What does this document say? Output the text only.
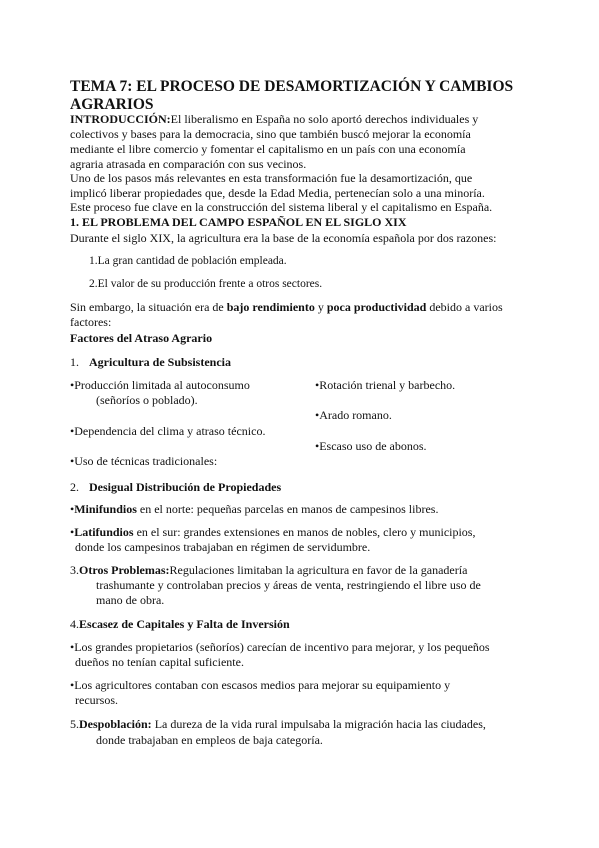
TEMA 7: EL PROCESO DE DESAMORTIZACIÓN Y CAMBIOS
AGRARIOS
INTRODUCCIÓN:El liberalismo en España no solo aportó derechos individuales y
colectivos y bases para la democracia, sino que también buscó mejorar la economía
mediante el libre comercio y fomentar el capitalismo en un país con una economía
agraria atrasada en comparación con sus vecinos.
Uno de los pasos más relevantes en esta transformación fue la desamortización, que
implicó liberar propiedades que, desde la Edad Media, pertenecían solo a una minoría.
Este proceso fue clave en la construcción del sistema liberal y el capitalismo en España.
1. EL PROBLEMA DEL CAMPO ESPAÑOL EN EL SIGLO XIX
Durante el siglo XIX, la agricultura era la base de la economía española por dos razones:
1.La gran cantidad de población empleada.
2.El valor de su producción frente a otros sectores.
Sin embargo, la situación era de bajo rendimiento y poca productividad debido a varios
factores:
Factores del Atraso Agrario
1. Agricultura de Subsistencia
•Producción limitada al autoconsumo
(señoríos o poblado).
•Dependencia del clima y atraso técnico.
•Uso de técnicas tradicionales:
•Rotación trienal y barbecho.
•Arado romano.
•Escaso uso de abonos.
2. Desigual Distribución de Propiedades
•Minifundios en el norte: pequeñas parcelas en manos de campesinos libres.
•Latifundios en el sur: grandes extensiones en manos de nobles, clero y municipios,
donde los campesinos trabajaban en régimen de servidumbre.
3.Otros Problemas:Regulaciones limitaban la agricultura en favor de la ganadería
trashumante y controlaban precios y áreas de venta, restringiendo el libre uso de
mano de obra.
4.Escasez de Capitales y Falta de Inversión
•Los grandes propietarios (señoríos) carecían de incentivo para mejorar, y los pequeños
dueños no tenían capital suficiente.
•Los agricultores contaban con escasos medios para mejorar su equipamiento y
recursos.
5.Despoblación: La dureza de la vida rural impulsaba la migración hacia las ciudades,
donde trabajaban en empleos de baja categoría.
